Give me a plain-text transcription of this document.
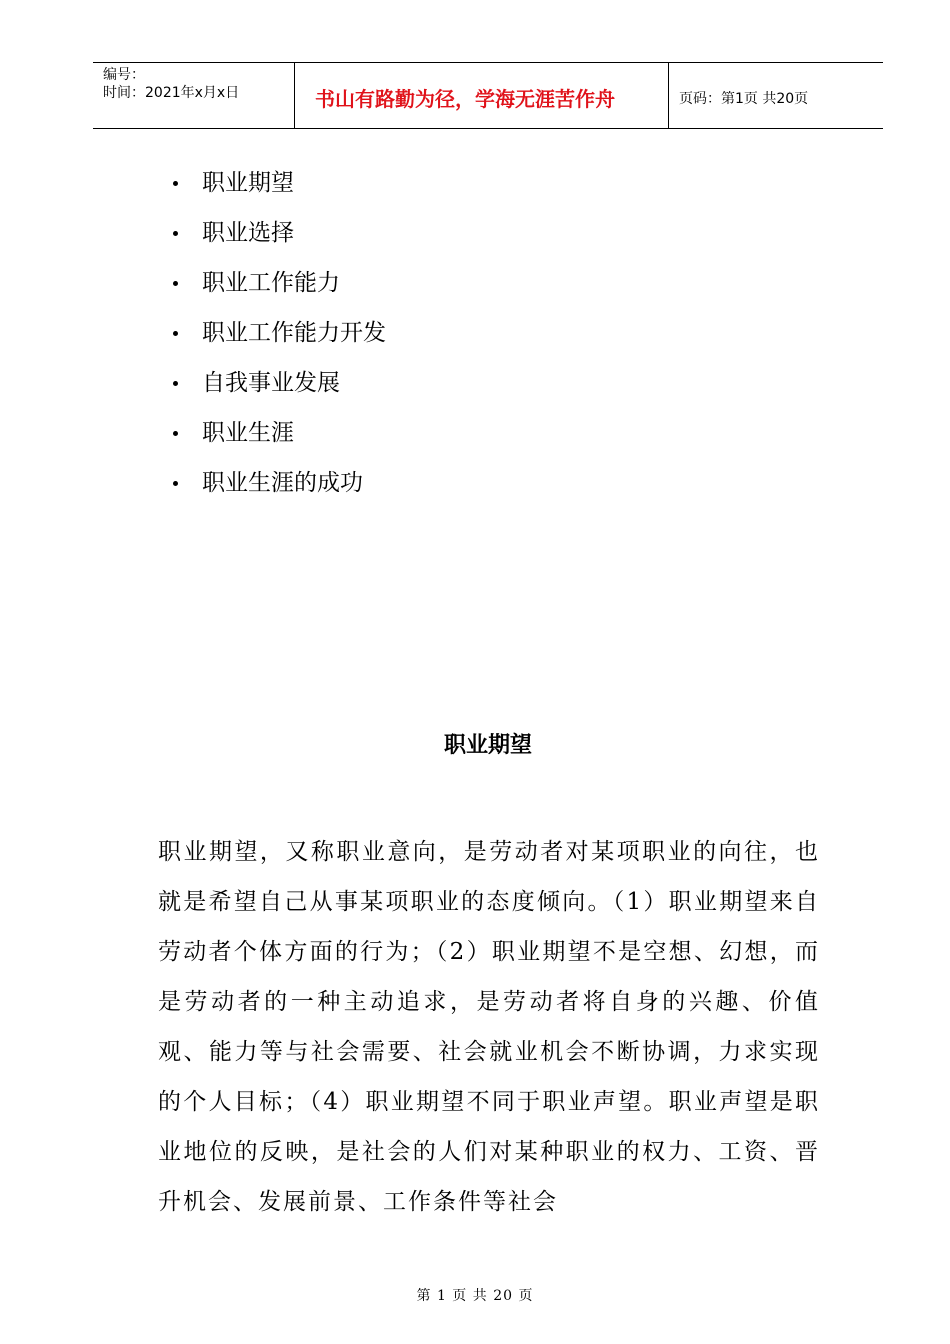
编号：
时间：2021年x月x日	书山有路勤为径，学海无涯苦作舟	页码：第1页 共20页
职业期望
职业选择
职业工作能力
职业工作能力开发
自我事业发展
职业生涯
职业生涯的成功
职业期望

职业期望，又称职业意向，是劳动者对某项职业的向往，也就是希望自己从事某项职业的态度倾向。（1）职业期望来自劳动者个体方面的行为；（2）职业期望不是空想、幻想，而是劳动者的一种主动追求，是劳动者将自身的兴趣、价值观、能力等与社会需要、社会就业机会不断协调，力求实现的个人目标；（4）职业期望不同于职业声望。职业声望是职业地位的反映，是社会的人们对某种职业的权力、工资、晋升机会、发展前景、工作条件等社会

第 1 页 共 20 页
